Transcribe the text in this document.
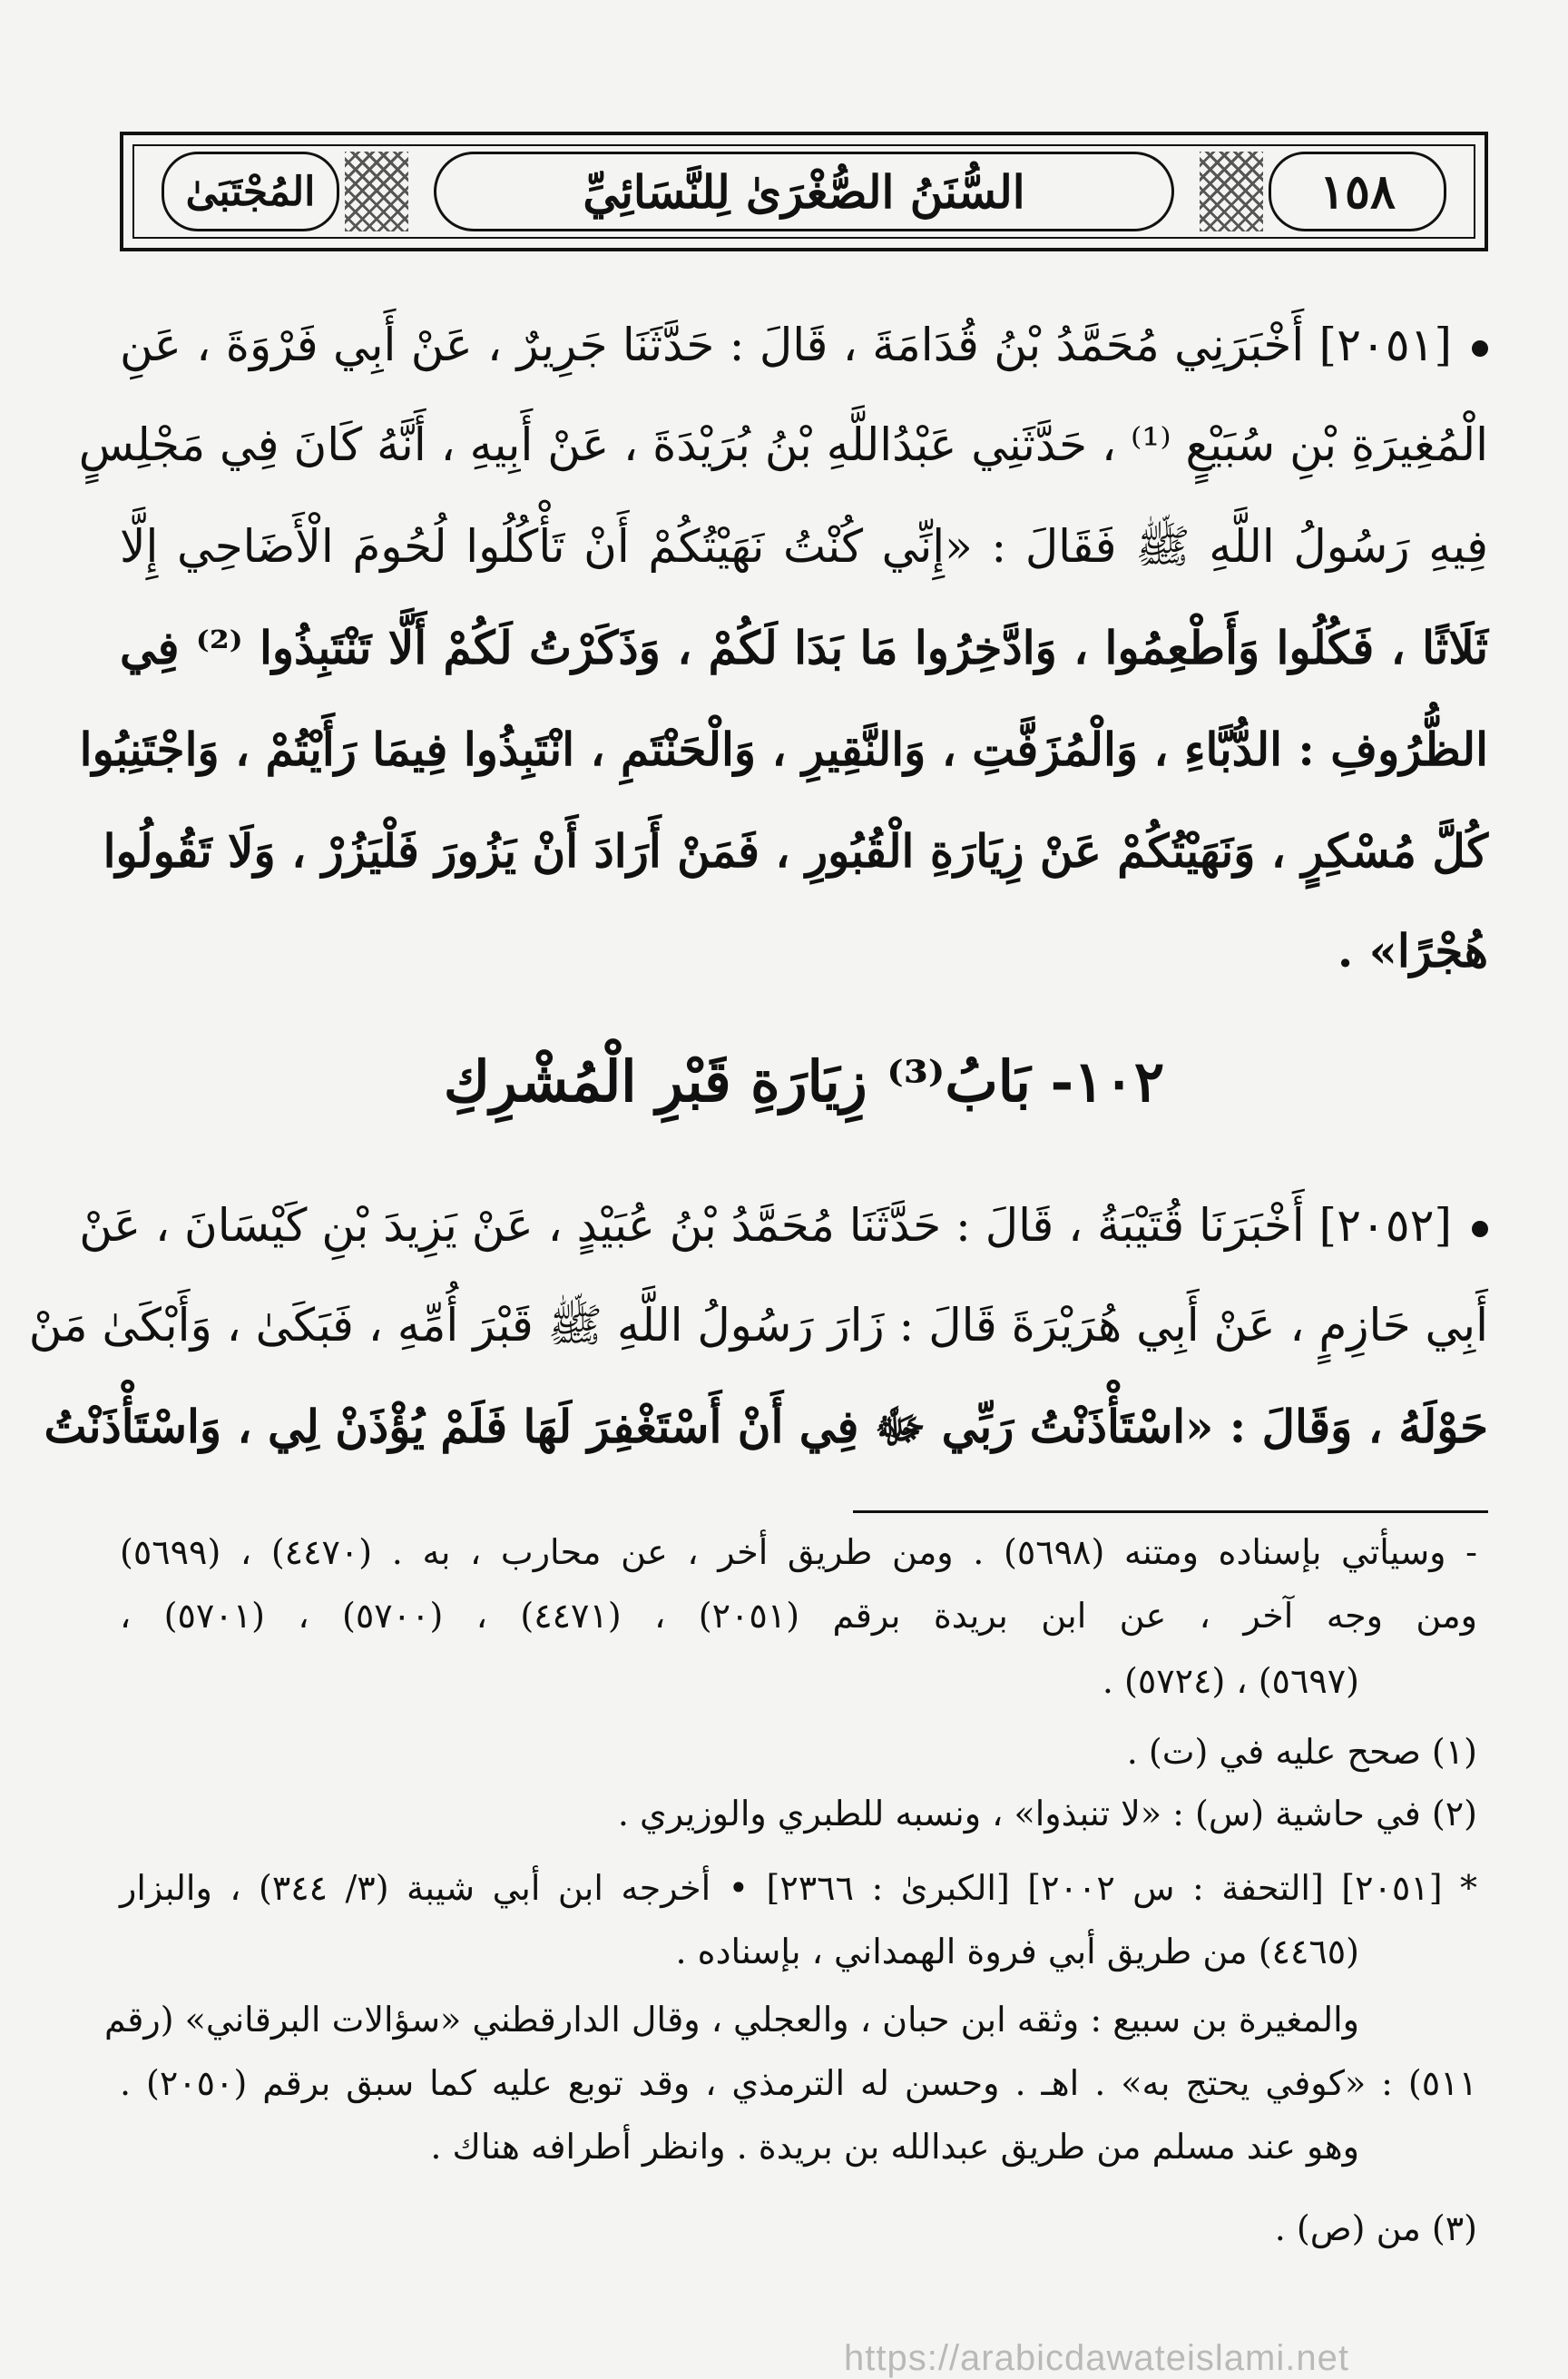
المُجْتَبَىٰ	السُّنَنُ الصُّغْرَىٰ لِلنَّسَائِيِّ	١٥٨
[٢٠٥١] أَخْبَرَنِي مُحَمَّدُ بْنُ قُدَامَةَ ، قَالَ : حَدَّثَنَا جَرِيرٌ ، عَنْ أَبِي فَرْوَةَ ، عَنِ
الْمُغِيرَةِ بْنِ سُبَيْعٍ ⁽¹⁾ ، حَدَّثَنِي عَبْدُاللَّهِ بْنُ بُرَيْدَةَ ، عَنْ أَبِيهِ ، أَنَّهُ كَانَ فِي مَجْلِسٍ
فِيهِ رَسُولُ اللَّهِ ﷺ فَقَالَ : «إِنِّي كُنْتُ نَهَيْتُكُمْ أَنْ تَأْكُلُوا لُحُومَ الْأَضَاحِي إِلَّا
ثَلَاثًا ، فَكُلُوا وَأَطْعِمُوا ، وَادَّخِرُوا مَا بَدَا لَكُمْ ، وَذَكَرْتُ لَكُمْ أَلَّا تَنْتَبِذُوا ⁽²⁾ فِي
الظُّرُوفِ : الدُّبَّاءِ ، وَالْمُزَفَّتِ ، وَالنَّقِيرِ ، وَالْحَنْتَمِ ، انْتَبِذُوا فِيمَا رَأَيْتُمْ ، وَاجْتَنِبُوا
كُلَّ مُسْكِرٍ ، وَنَهَيْتُكُمْ عَنْ زِيَارَةِ الْقُبُورِ ، فَمَنْ أَرَادَ أَنْ يَزُورَ فَلْيَزُرْ ، وَلَا تَقُولُوا
هُجْرًا» .
١٠٢- بَابُ⁽³⁾ زِيَارَةِ قَبْرِ الْمُشْرِكِ
[٢٠٥٢] أَخْبَرَنَا قُتَيْبَةُ ، قَالَ : حَدَّثَنَا مُحَمَّدُ بْنُ عُبَيْدٍ ، عَنْ يَزِيدَ بْنِ كَيْسَانَ ، عَنْ
أَبِي حَازِمٍ ، عَنْ أَبِي هُرَيْرَةَ قَالَ : زَارَ رَسُولُ اللَّهِ ﷺ قَبْرَ أُمِّهِ ، فَبَكَىٰ ، وَأَبْكَىٰ مَنْ
حَوْلَهُ ، وَقَالَ : «اسْتَأْذَنْتُ رَبِّي ﷻ فِي أَنْ أَسْتَغْفِرَ لَهَا فَلَمْ يُؤْذَنْ لِي ، وَاسْتَأْذَنْتُ
- وسيأتي بإسناده ومتنه (٥٦٩٨) . ومن طريق أخر ، عن محارب ، به . (٤٤٧٠) ، (٥٦٩٩)
ومن وجه آخر ، عن ابن بريدة برقم (٢٠٥١) ، (٤٤٧١) ، (٥٧٠٠) ، (٥٧٠١) ،
(٥٦٩٧) ، (٥٧٢٤) .
(١) صحح عليه في (ت) .
(٢) في حاشية (س) : «لا تنبذوا» ، ونسبه للطبري والوزيري .
* [٢٠٥١] [التحفة : س ٢٠٠٢] [الكبرىٰ : ٢٣٦٦] • أخرجه ابن أبي شيبة (٣/ ٣٤٤) ، والبزار
(٤٤٦٥) من طريق أبي فروة الهمداني ، بإسناده .
والمغيرة بن سبيع : وثقه ابن حبان ، والعجلي ، وقال الدارقطني «سؤالات البرقاني» (رقم
٥١١) : «كوفي يحتج به» . اهـ . وحسن له الترمذي ، وقد توبع عليه كما سبق برقم (٢٠٥٠) .
وهو عند مسلم من طريق عبدالله بن بريدة . وانظر أطرافه هناك .
(٣) من (ص) .
https://arabicdawateislami.net
